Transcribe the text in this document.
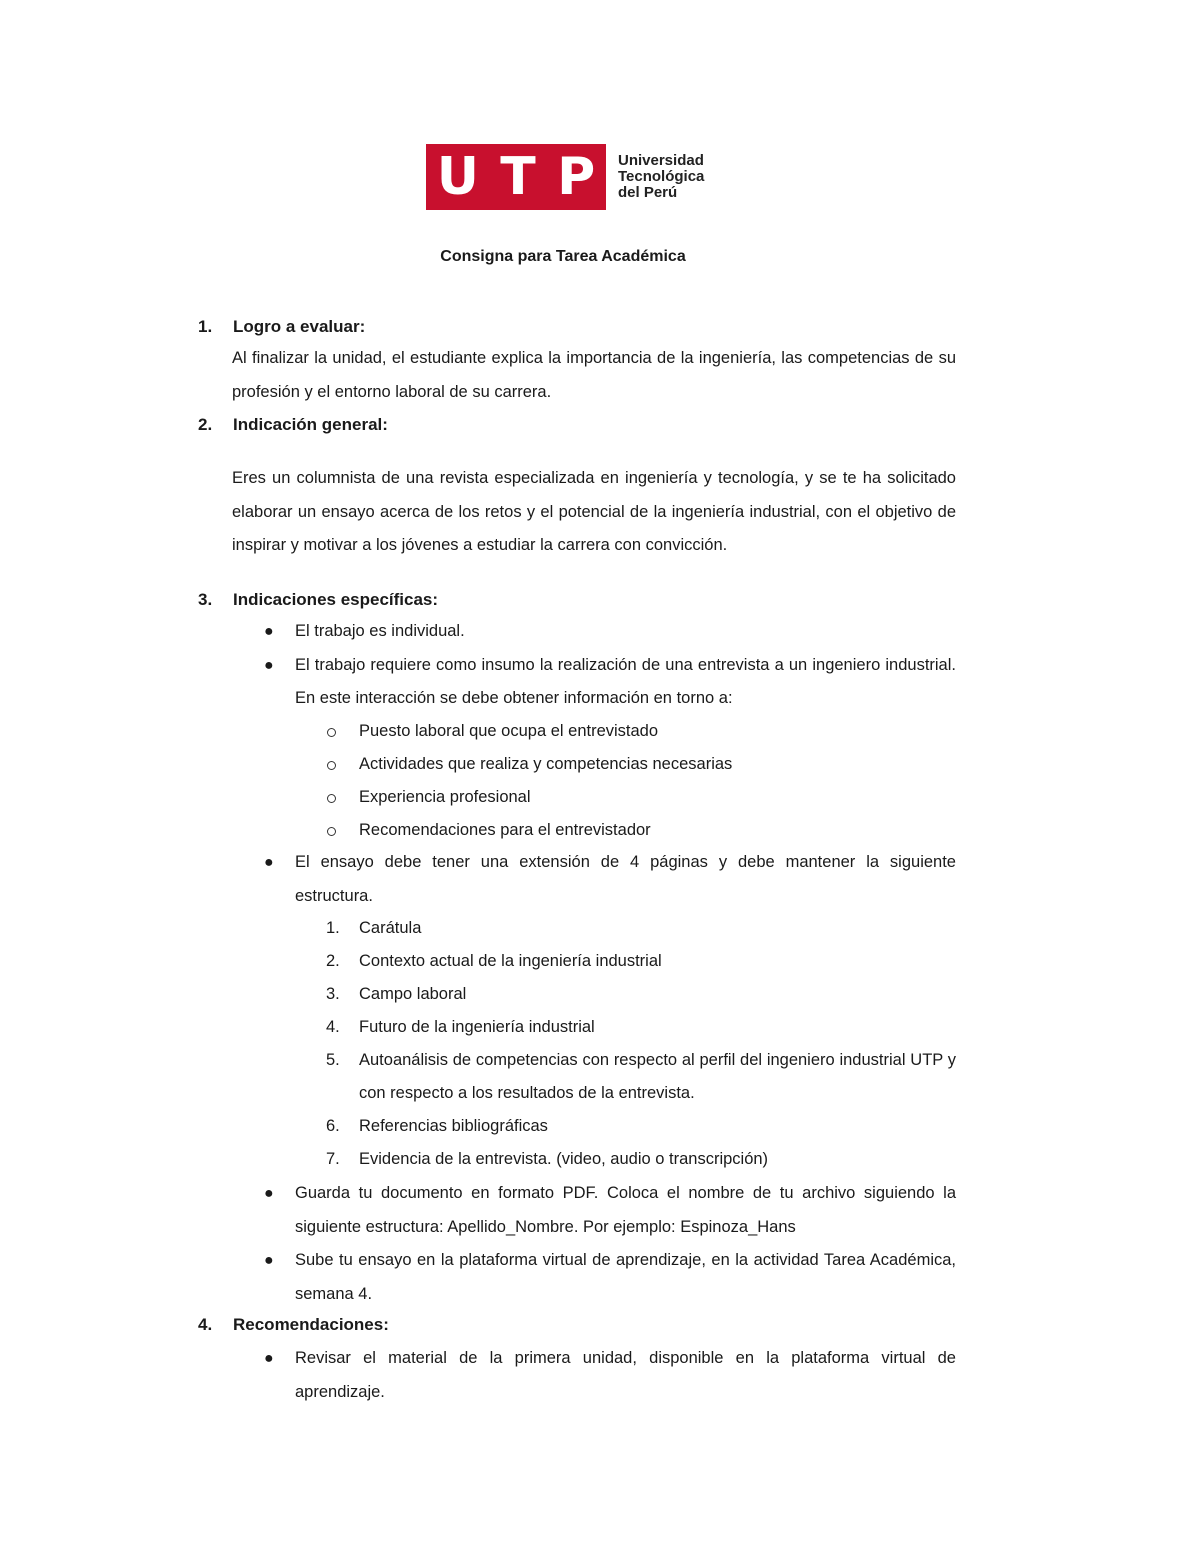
U T P Universidad
Tecnológica
del Perú
Consigna para Tarea Académica
1. Logro a evaluar:
Al finalizar la unidad, el estudiante explica la importancia de la ingeniería, las competencias de su profesión y el entorno laboral de su carrera.
2. Indicación general:
Eres un columnista de una revista especializada en ingeniería y tecnología, y se te ha solicitado elaborar un ensayo acerca de los retos y el potencial de la ingeniería industrial, con el objetivo de inspirar y motivar a los jóvenes a estudiar la carrera con convicción.
3. Indicaciones específicas:
● El trabajo es individual.
● El trabajo requiere como insumo la realización de una entrevista a un ingeniero industrial. En este interacción se debe obtener información en torno a:
Puesto laboral que ocupa el entrevistado
Actividades que realiza y competencias necesarias
Experiencia profesional
Recomendaciones para el entrevistador
● El ensayo debe tener una extensión de 4 páginas y debe mantener la siguiente estructura.
1. Carátula
2. Contexto actual de la ingeniería industrial
3. Campo laboral
4. Futuro de la ingeniería industrial
5. Autoanálisis de competencias con respecto al perfil del ingeniero industrial UTP y con respecto a los resultados de la entrevista.
6. Referencias bibliográficas
7. Evidencia de la entrevista. (video, audio o transcripción)
● Guarda tu documento en formato PDF. Coloca el nombre de tu archivo siguiendo la siguiente estructura: Apellido_Nombre. Por ejemplo: Espinoza_Hans
● Sube tu ensayo en la plataforma virtual de aprendizaje, en la actividad Tarea Académica, semana 4.
4. Recomendaciones:
● Revisar el material de la primera unidad, disponible en la plataforma virtual de aprendizaje.
